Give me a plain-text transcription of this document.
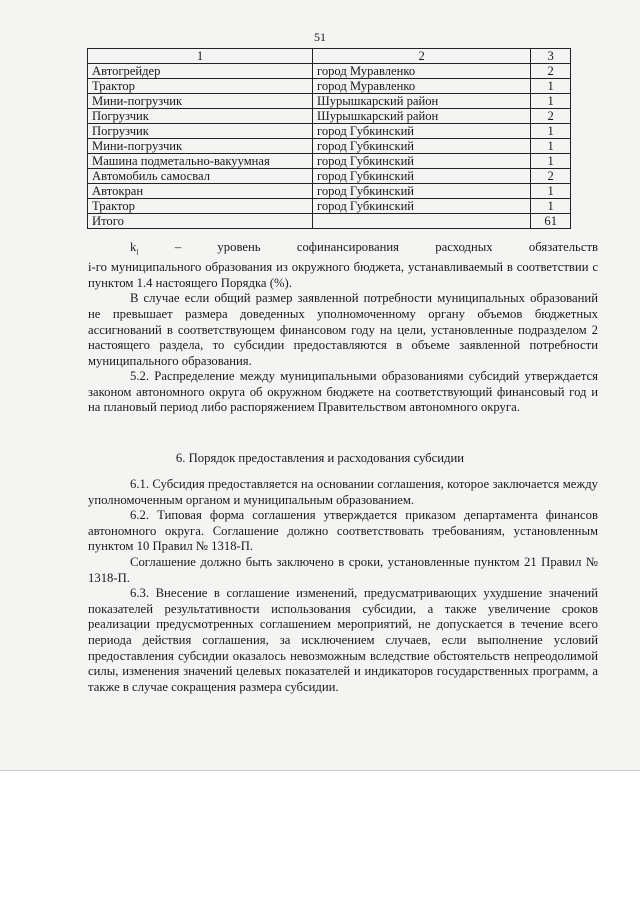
51
1	2	3
Автогрейдер	город Муравленко	2
Трактор	город Муравленко	1
Мини-погрузчик	Шурышкарский район	1
Погрузчик	Шурышкарский район	2
Погрузчик	город Губкинский	1
Мини-погрузчик	город Губкинский	1
Машина подметально-вакуумная	город Губкинский	1
Автомобиль самосвал	город Губкинский	2
Автокран	город Губкинский	1
Трактор	город Губкинский	1
Итого		61
$k_i$	–	уровень	софинансирования	расходных	обязательств

i-го муниципального образования из окружного бюджета, устанавливаемый в соответствии с пунктом 1.4 настоящего Порядка (%).

В случае если общий размер заявленной потребности муниципальных образований не превышает размера доведенных уполномоченному органу объемов бюджетных ассигнований в соответствующем финансовом году на цели, установленные подразделом 2 настоящего раздела, то субсидии предоставляются в объеме заявленной потребности муниципального образования.

5.2. Распределение между муниципальными образованиями субсидий утверждается законом автономного округа об окружном бюджете на соответствующий финансовый год и на плановый период либо распоряжением Правительством автономного округа.

6. Порядок предоставления и расходования субсидии

6.1. Субсидия предоставляется на основании соглашения, которое заключается между уполномоченным органом и муниципальным образованием.

6.2. Типовая форма соглашения утверждается приказом департамента финансов автономного округа. Соглашение должно соответствовать требованиям, установленным пунктом 10 Правил № 1318-П.

Соглашение должно быть заключено в сроки, установленные пунктом 21 Правил № 1318-П.

6.3. Внесение в соглашение изменений, предусматривающих ухудшение значений показателей результативности использования субсидии, а также увеличение сроков реализации предусмотренных соглашением мероприятий, не допускается в течение всего периода действия соглашения, за исключением случаев, если выполнение условий предоставления субсидии оказалось невозможным вследствие обстоятельств непреодолимой силы, изменения значений целевых показателей и индикаторов государственных программ, а также в случае сокращения размера субсидии.
